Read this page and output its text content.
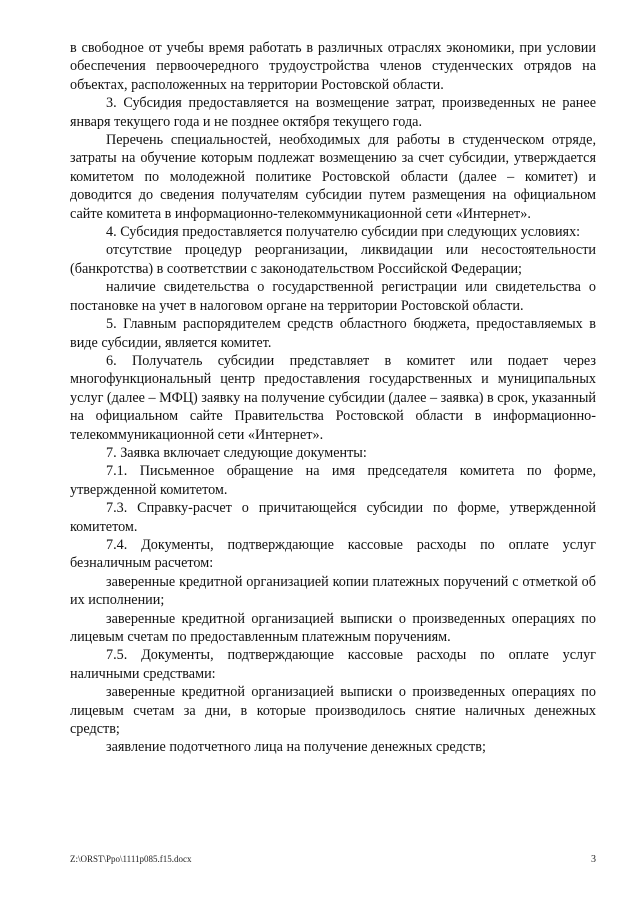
в свободное от учебы время работать в различных отраслях экономики, при условии обеспечения первоочередного трудоустройства членов студенческих отрядов на объектах, расположенных на территории Ростовской области.

3. Субсидия предоставляется на возмещение затрат, произведенных не ранее января текущего года и не позднее октября текущего года.

Перечень специальностей, необходимых для работы в студенческом отряде, затраты на обучение которым подлежат возмещению за счет субсидии, утверждается комитетом по молодежной политике Ростовской области (далее – комитет) и доводится до сведения получателям субсидии путем размещения на официальном сайте комитета в информационно-телекоммуникационной сети «Интернет».

4. Субсидия предоставляется получателю субсидии при следующих условиях:

отсутствие процедур реорганизации, ликвидации или несостоятельности (банкротства) в соответствии с законодательством Российской Федерации;

наличие свидетельства о государственной регистрации или свидетельства о постановке на учет в налоговом органе на территории Ростовской области.

5. Главным распорядителем средств областного бюджета, предоставляемых в виде субсидии, является комитет.

6. Получатель субсидии представляет в комитет или подает через многофункциональный центр предоставления государственных и муниципальных услуг (далее – МФЦ) заявку на получение субсидии (далее – заявка) в срок, указанный на официальном сайте Правительства Ростовской области в информационно-телекоммуникационной сети «Интернет».

7. Заявка включает следующие документы:

7.1. Письменное обращение на имя председателя комитета по форме, утвержденной комитетом.

7.3. Справку-расчет о причитающейся субсидии по форме, утвержденной комитетом.

7.4. Документы, подтверждающие кассовые расходы по оплате услуг безналичным расчетом:

заверенные кредитной организацией копии платежных поручений с отметкой об их исполнении;

заверенные кредитной организацией выписки о произведенных операциях по лицевым счетам по предоставленным платежным поручениям.

7.5. Документы, подтверждающие кассовые расходы по оплате услуг наличными средствами:

заверенные кредитной организацией выписки о произведенных операциях по лицевым счетам за дни, в которые производилось снятие наличных денежных средств;

заявление подотчетного лица на получение денежных средств;

Z:\ORST\Ppo\1111p085.f15.docx	3
